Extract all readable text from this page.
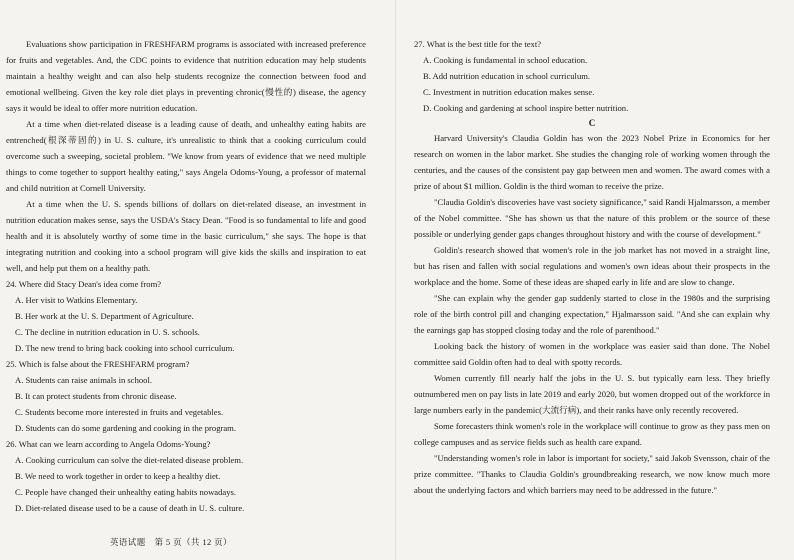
Evaluations show participation in FRESHFARM programs is associated with increased preference for fruits and vegetables. And, the CDC points to evidence that nutrition education may help students maintain a healthy weight and can also help students recognize the connection between food and emotional wellbeing. Given the key role diet plays in preventing chronic(慢性的) disease, the agency says it would be ideal to offer more nutrition education.

At a time when diet-related disease is a leading cause of death, and unhealthy eating habits are entrenched(根深蒂固的) in U. S. culture, it's unrealistic to think that a cooking curriculum could overcome such a sweeping, societal problem. "We know from years of evidence that we need multiple things to come together to support healthy eating," says Angela Odoms-Young, a professor of maternal and child nutrition at Cornell University.

At a time when the U. S. spends billions of dollars on diet-related disease, an investment in nutrition education makes sense, says the USDA's Stacy Dean. "Food is so fundamental to life and good health and it is absolutely worthy of some time in the basic curriculum," she says. The hope is that integrating nutrition and cooking into a school program will give kids the skills and inspiration to eat well, and help put them on a healthy path.

24. Where did Stacy Dean's idea come from?

A. Her visit to Watkins Elementary.

B. Her work at the U. S. Department of Agriculture.

C. The decline in nutrition education in U. S. schools.

D. The new trend to bring back cooking into school curriculum.

25. Which is false about the FRESHFARM program?

A. Students can raise animals in school.

B. It can protect students from chronic disease.

C. Students become more interested in fruits and vegetables.

D. Students can do some gardening and cooking in the program.

26. What can we learn according to Angela Odoms-Young?

A. Cooking curriculum can solve the diet-related disease problem.

B. We need to work together in order to keep a healthy diet.

C. People have changed their unhealthy eating habits nowadays.

D. Diet-related disease used to be a cause of death in U. S. culture.

27. What is the best title for the text?

A. Cooking is fundamental in school education.

B. Add nutrition education in school curriculum.

C. Investment in nutrition education makes sense.

D. Cooking and gardening at school inspire better nutrition.

C

Harvard University's Claudia Goldin has won the 2023 Nobel Prize in Economics for her research on women in the labor market. She studies the changing role of working women through the centuries, and the causes of the consistent pay gap between men and women. The award comes with a prize of about $1 million. Goldin is the third woman to receive the prize.

"Claudia Goldin's discoveries have vast society significance," said Randi Hjalmarsson, a member of the Nobel committee. "She has shown us that the nature of this problem or the source of these possible or underlying gender gaps changes throughout history and with the course of development."

Goldin's research showed that women's role in the job market has not moved in a straight line, but has risen and fallen with social regulations and women's own ideas about their prospects in the workplace and the home. Some of these ideas are shaped early in life and are slow to change.

"She can explain why the gender gap suddenly started to close in the 1980s and the surprising role of the birth control pill and changing expectation," Hjalmarsson said. "And she can explain why the earnings gap has stopped closing today and the role of parenthood."

Looking back the history of women in the workplace was easier said than done. The Nobel committee said Goldin often had to deal with spotty records.

Women currently fill nearly half the jobs in the U. S. but typically earn less. They briefly outnumbered men on pay lists in late 2019 and early 2020, but women dropped out of the workforce in large numbers early in the pandemic(大流行病), and their ranks have only recently recovered.

Some forecasters think women's role in the workplace will continue to grow as they pass men on college campuses and as service fields such as health care expand.

"Understanding women's role in labor is important for society," said Jakob Svensson, chair of the prize committee. "Thanks to Claudia Goldin's groundbreaking research, we now know much more about the underlying factors and which barriers may need to be addressed in the future."

英语试题　第 5 页（共 12 页）
